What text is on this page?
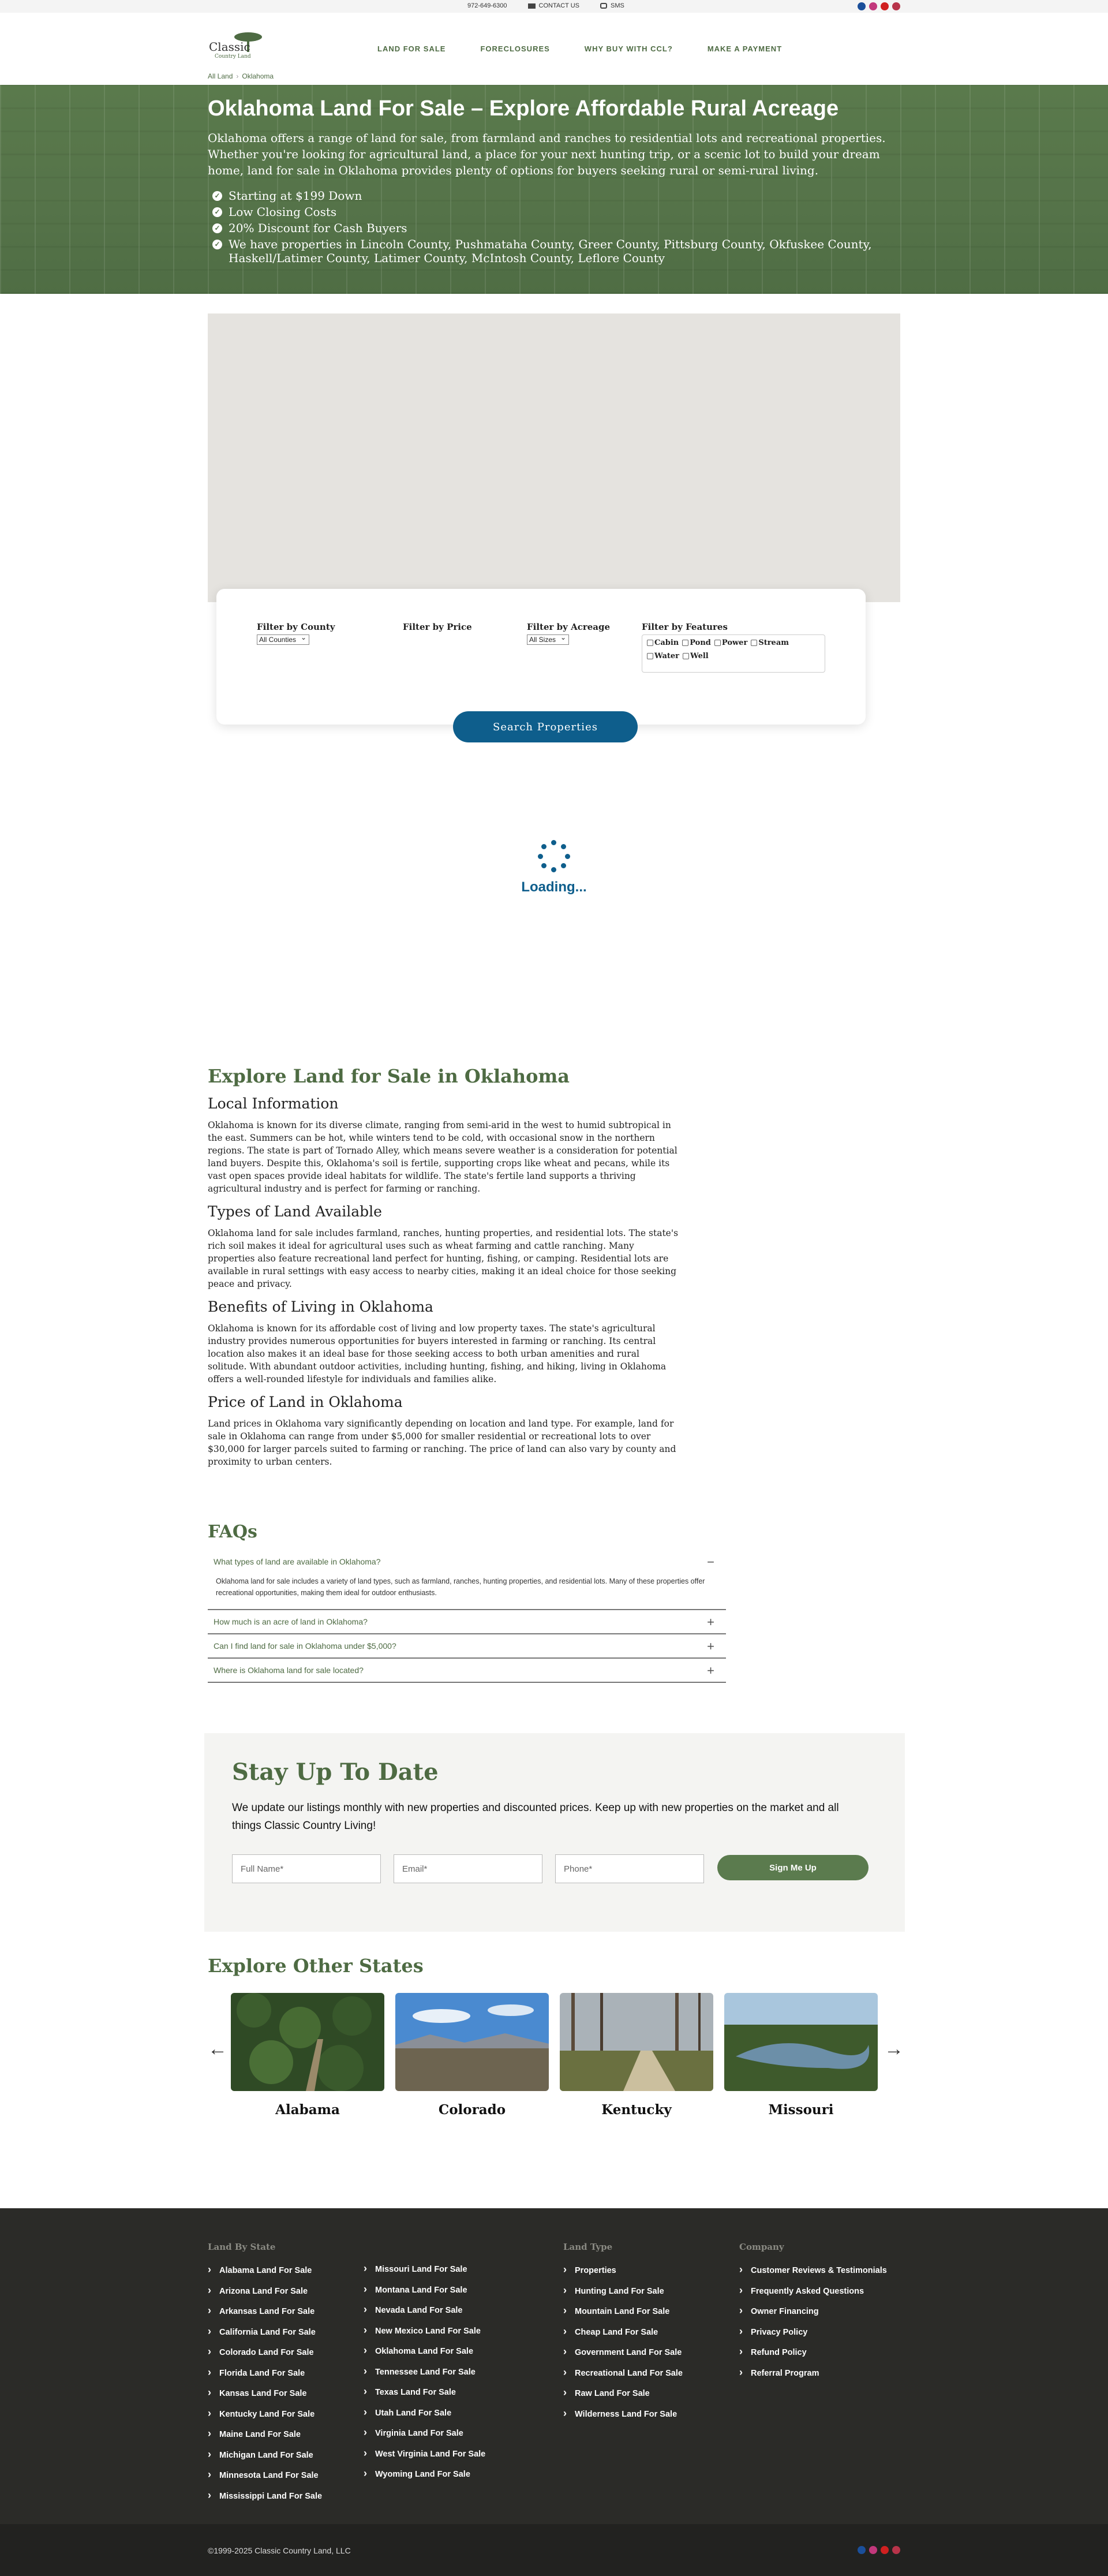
972-649-6300	CONTACT US	SMS
Classic
Country Land
LAND FOR SALE	FORECLOSURES	WHY BUY WITH CCL?	MAKE A PAYMENT
All Land › Oklahoma
Oklahoma Land For Sale – Explore Affordable Rural Acreage

Oklahoma offers a range of land for sale, from farmland and ranches to residential lots and recreational properties. Whether you're looking for agricultural land, a place for your next hunting trip, or a scenic lot to build your dream home, land for sale in Oklahoma provides plenty of options for buyers seeking rural or semi-rural living.

✓ Starting at $199 Down
✓ Low Closing Costs
✓ 20% Discount for Cash Buyers
✓ We have properties in Lincoln County, Pushmataha County, Greer County, Pittsburg County, Okfuskee County, Haskell/Latimer County, Latimer County, McIntosh County, Leflore County
Filter by County
All Counties ⌄
Filter by Price	Filter by Acreage
All Sizes ⌄
Filter by Features
Cabin Pond Power Stream
Water Well
Search Properties
Loading...
Explore Land for Sale in Oklahoma
Local Information

Oklahoma is known for its diverse climate, ranging from semi-arid in the west to humid subtropical in the east. Summers can be hot, while winters tend to be cold, with occasional snow in the northern regions. The state is part of Tornado Alley, which means severe weather is a consideration for potential land buyers. Despite this, Oklahoma's soil is fertile, supporting crops like wheat and pecans, while its vast open spaces provide ideal habitats for wildlife. The state's fertile land supports a thriving agricultural industry and is perfect for farming or ranching.

Types of Land Available

Oklahoma land for sale includes farmland, ranches, hunting properties, and residential lots. The state's rich soil makes it ideal for agricultural uses such as wheat farming and cattle ranching. Many properties also feature recreational land perfect for hunting, fishing, or camping. Residential lots are available in rural settings with easy access to nearby cities, making it an ideal choice for those seeking peace and privacy.

Benefits of Living in Oklahoma

Oklahoma is known for its affordable cost of living and low property taxes. The state's agricultural industry provides numerous opportunities for buyers interested in farming or ranching. Its central location also makes it an ideal base for those seeking access to both urban amenities and rural solitude. With abundant outdoor activities, including hunting, fishing, and hiking, living in Oklahoma offers a well-rounded lifestyle for individuals and families alike.

Price of Land in Oklahoma

Land prices in Oklahoma vary significantly depending on location and land type. For example, land for sale in Oklahoma can range from under $5,000 for smaller residential or recreational lots to over $30,000 for larger parcels suited to farming or ranching. The price of land can also vary by county and proximity to urban centers.

FAQs
What types of land are available in Oklahoma?	−

Oklahoma land for sale includes a variety of land types, such as farmland, ranches, hunting properties, and residential lots. Many of these properties offer recreational opportunities, making them ideal for outdoor enthusiasts.

How much is an acre of land in Oklahoma?	+
Can I find land for sale in Oklahoma under $5,000?	+
Where is Oklahoma land for sale located?	+
Stay Up To Date

We update our listings monthly with new properties and discounted prices. Keep up with new properties on the market and all things Classic Country Living!

Full Name*	Email*	Phone*	Sign Me Up
Explore Other States
←	→
Alabama	Colorado	Kentucky	Missouri
Land By State
› Alabama Land For Sale
› Arizona Land For Sale
› Arkansas Land For Sale
› California Land For Sale
› Colorado Land For Sale
› Florida Land For Sale
› Kansas Land For Sale
› Kentucky Land For Sale
› Maine Land For Sale
› Michigan Land For Sale
› Minnesota Land For Sale
› Mississippi Land For Sale
› Missouri Land For Sale
› Montana Land For Sale
› Nevada Land For Sale
› New Mexico Land For Sale
› Oklahoma Land For Sale
› Tennessee Land For Sale
› Texas Land For Sale
› Utah Land For Sale
› Virginia Land For Sale
› West Virginia Land For Sale
› Wyoming Land For Sale
Land Type
› Properties
› Hunting Land For Sale
› Mountain Land For Sale
› Cheap Land For Sale
› Government Land For Sale
› Recreational Land For Sale
› Raw Land For Sale
› Wilderness Land For Sale
Company
› Customer Reviews & Testimonials
› Frequently Asked Questions
› Owner Financing
› Privacy Policy
› Refund Policy
› Referral Program
©1999-2025 Classic Country Land, LLC
